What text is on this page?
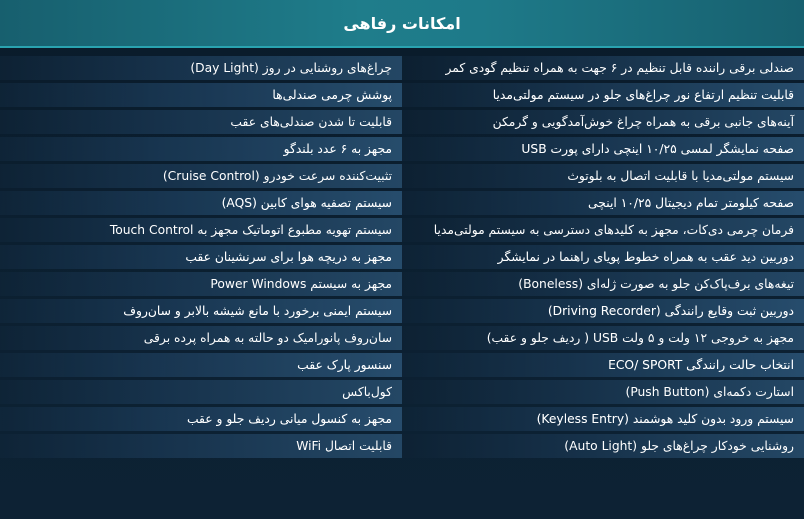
امکانات رفاهی
صندلی برقی راننده قابل تنظیم در ۶ جهت به همراه تنظیم گودی کمر
قابلیت تنظیم ارتفاع نور چراغ‌های جلو در سیستم مولتی‌مدیا
آینه‌های جانبی برقی به همراه چراغ خوش‌آمدگویی و گرمکن
صفحه نمایشگر لمسی ۱۰/۲۵ اینچی دارای پورت USB
سیستم مولتی‌مدیا با قابلیت اتصال به بلوتوث
صفحه کیلومتر تمام دیجیتال ۱۰/۲۵ اینچی
فرمان چرمی دی‌کات، مجهز به کلیدهای دسترسی به سیستم مولتی‌مدیا
دوربین دید عقب به همراه خطوط پویای راهنما در نمایشگر
تیغه‌های برف‌پاک‌کن جلو به صورت ژله‌ای (Boneless)
دوربین ثبت وقایع رانندگی (Driving Recorder)
مجهز به خروجی ۱۲ ولت و ۵ ولت USB ( ردیف جلو و عقب)
انتخاب حالت رانندگی ECO/ SPORT
استارت دکمه‌ای (Push Button)
سیستم ورود بدون کلید هوشمند (Keyless Entry)
روشنایی خودکار چراغ‌های جلو (Auto Light)
چراغ‌های روشنایی در روز (Day Light)
پوشش چرمی صندلی‌ها
قابلیت تا شدن صندلی‌های عقب
مجهز به ۶ عدد بلندگو
تثبیت‌کننده سرعت خودرو (Cruise Control)
سیستم تصفیه هوای کابین (AQS)
سیستم تهویه مطبوع اتوماتیک مجهز به Touch Control
مجهز به دریچه هوا برای سرنشینان عقب
مجهز به سیستم Power Windows
سیستم ایمنی برخورد با مانع شیشه بالابر و سان‌روف
سان‌روف پانورامیک دو حالته به همراه پرده برقی
سنسور پارک عقب
کول‌باکس
مجهز به کنسول میانی ردیف جلو و عقب
قابلیت اتصال WiFi
